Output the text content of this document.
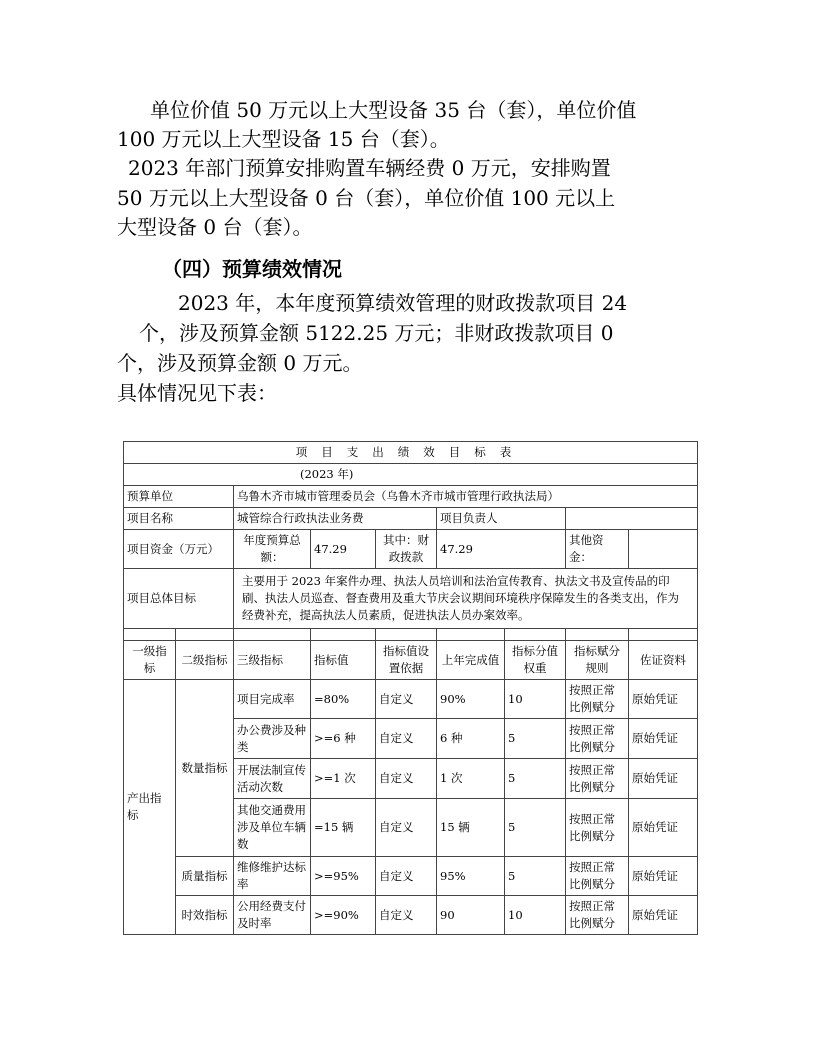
单位价值 50 万元以上大型设备 35 台（套），单位价值
100 万元以上大型设备 15 台（套）。
2023 年部门预算安排购置车辆经费 0 万元，安排购置
50 万元以上大型设备 0 台（套），单位价值 100 元以上
大型设备 0 台（套）。
（四）预算绩效情况
2023 年，本年度预算绩效管理的财政拨款项目 24
个，涉及预算金额 5122.25 万元；非财政拨款项目 0
个，涉及预算金额 0 万元。
具体情况见下表：
项目支出绩效目标表								
(2023 年)								
预算单位		乌鲁木齐市城市管理委员会（乌鲁木齐市城市管理行政执法局）						
项目名称		城管综合行政执法业务费			项目负责人			
项目资金（万元）		年度预算总额：	47.29	其中：财政拨款	47.29		其他资金：	
项目总体目标		主要用于 2023 年案件办理、执法人员培训和法治宣传教育、执法文书及宣传品的印刷、执法人员巡查、督查费用及重大节庆会议期间环境秩序保障发生的各类支出，作为经费补充，提高执法人员素质，促进执法人员办案效率。						

一级指标	二级指标	三级指标	指标值	指标值设置依据	上年完成值	指标分值权重	指标赋分规则	佐证资料
产出指标	数量指标	项目完成率	=80%	自定义	90%	10	按照正常比例赋分	原始凭证
		办公费涉及种类	>=6 种	自定义	6 种	5	按照正常比例赋分	原始凭证
		开展法制宣传活动次数	>=1 次	自定义	1 次	5	按照正常比例赋分	原始凭证
		其他交通费用涉及单位车辆数	=15 辆	自定义	15 辆	5	按照正常比例赋分	原始凭证
	质量指标	维修维护达标率	>=95%	自定义	95%	5	按照正常比例赋分	原始凭证
	时效指标	公用经费支付及时率	>=90%	自定义	90	10	按照正常比例赋分	原始凭证
